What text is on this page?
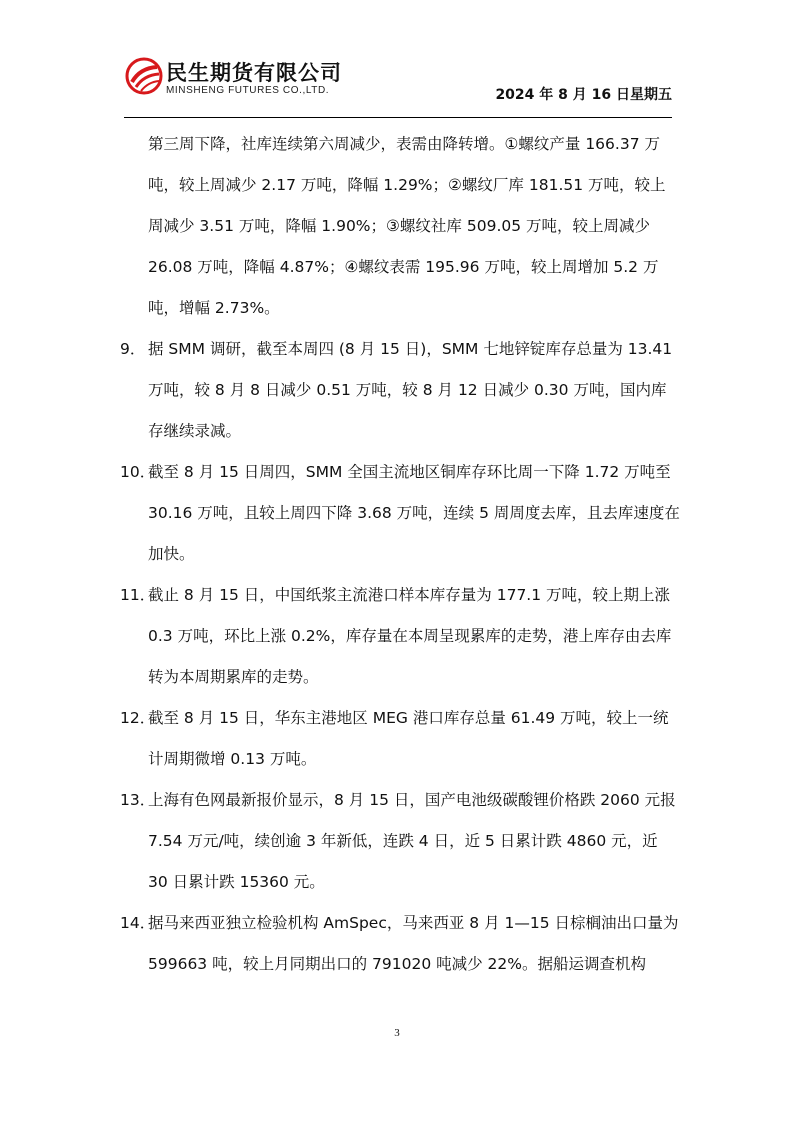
民生期货有限公司
MINSHENG FUTURES CO.,LTD.	2024 年 8 月 16 日星期五

第三周下降，社库连续第六周减少，表需由降转增。①螺纹产量 166.37 万吨，较上周减少 2.17 万吨，降幅 1.29%；②螺纹厂库 181.51 万吨，较上周减少 3.51 万吨，降幅 1.90%；③螺纹社库 509.05 万吨，较上周减少 26.08 万吨，降幅 4.87%；④螺纹表需 195.96 万吨，较上周增加 5.2 万吨，增幅 2.73%。

9． 据 SMM 调研，截至本周四 (8 月 15 日)，SMM 七地锌锭库存总量为 13.41 万吨，较 8 月 8 日减少 0.51 万吨，较 8 月 12 日减少 0.30 万吨，国内库存继续录减。

10．截至 8 月 15 日周四，SMM 全国主流地区铜库存环比周一下降 1.72 万吨至 30.16 万吨，且较上周四下降 3.68 万吨，连续 5 周周度去库，且去库速度在加快。

11．截止 8 月 15 日，中国纸浆主流港口样本库存量为 177.1 万吨，较上期上涨 0.3 万吨，环比上涨 0.2%，库存量在本周呈现累库的走势，港上库存由去库转为本周期累库的走势。

12．截至 8 月 15 日，华东主港地区 MEG 港口库存总量 61.49 万吨，较上一统计周期微增 0.13 万吨。

13．上海有色网最新报价显示，8 月 15 日，国产电池级碳酸锂价格跌 2060 元报 7.54 万元/吨，续创逾 3 年新低，连跌 4 日，近 5 日累计跌 4860 元，近 30 日累计跌 15360 元。

14．据马来西亚独立检验机构 AmSpec，马来西亚 8 月 1—15 日棕榈油出口量为 599663 吨，较上月同期出口的 791020 吨减少 22%。据船运调查机构

3
